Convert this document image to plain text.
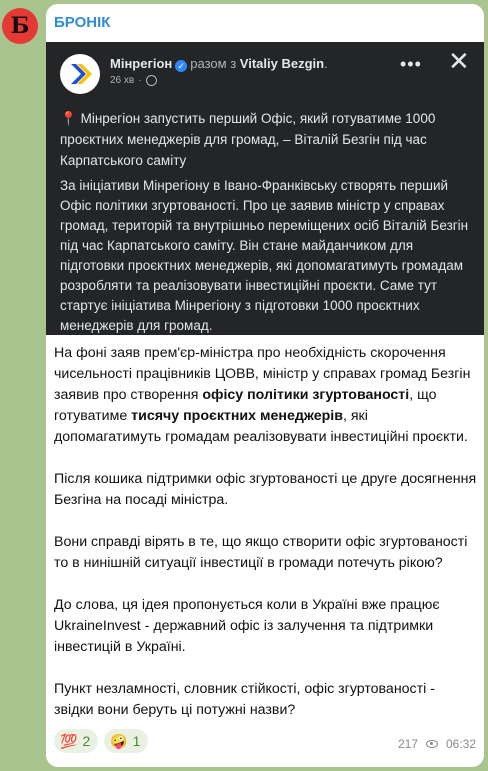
Б	БРОНІК
Мінрегіон ✓ разом з Vitaliy Bezgin.
26 хв ·
••• ✕
📍 Мінрегіон запустить перший Офіс, який готуватиме 1000 проєктних менеджерів для громад, – Віталій Безгін під час Карпатського саміту
За ініціативи Мінрегіону в Івано-Франківську створять перший Офіс політики згуртованості. Про це заявив міністр у справах громад, територій та внутрішньо переміщених осіб Віталій Безгін під час Карпатського саміту. Він стане майданчиком для підготовки проєктних менеджерів, які допомагатимуть громадам розробляти та реалізовувати інвестиційні проєкти. Саме тут стартує ініціатива Мінрегіону з підготовки 1000 проєктних менеджерів для громад.

На фоні заяв прем'єр-міністра про необхідність скорочення чисельності працівників ЦОВВ, міністр у справах громад Безгін заявив про створення офісу політики згуртованості, що готуватиме тисячу проєктних менеджерів, які допомагатимуть громадам реалізовувати інвестиційні проєкти.

Після кошика підтримки офіс згуртованості це друге досягнення Безгіна на посаді міністра.

Вони справді вірять в те, що якщо створити офіс згуртованості то в нинішній ситуації інвестиції в громади потечуть рікою?

До слова, ця ідея пропонується коли в Україні вже працює UkraineInvest - державний офіс із залучення та підтримки інвестицій в Україні.

Пункт незламності, словник стійкості, офіс згуртованості - звідки вони беруть ці потужні назви?

💯 2 🤪 1	217 06:32
